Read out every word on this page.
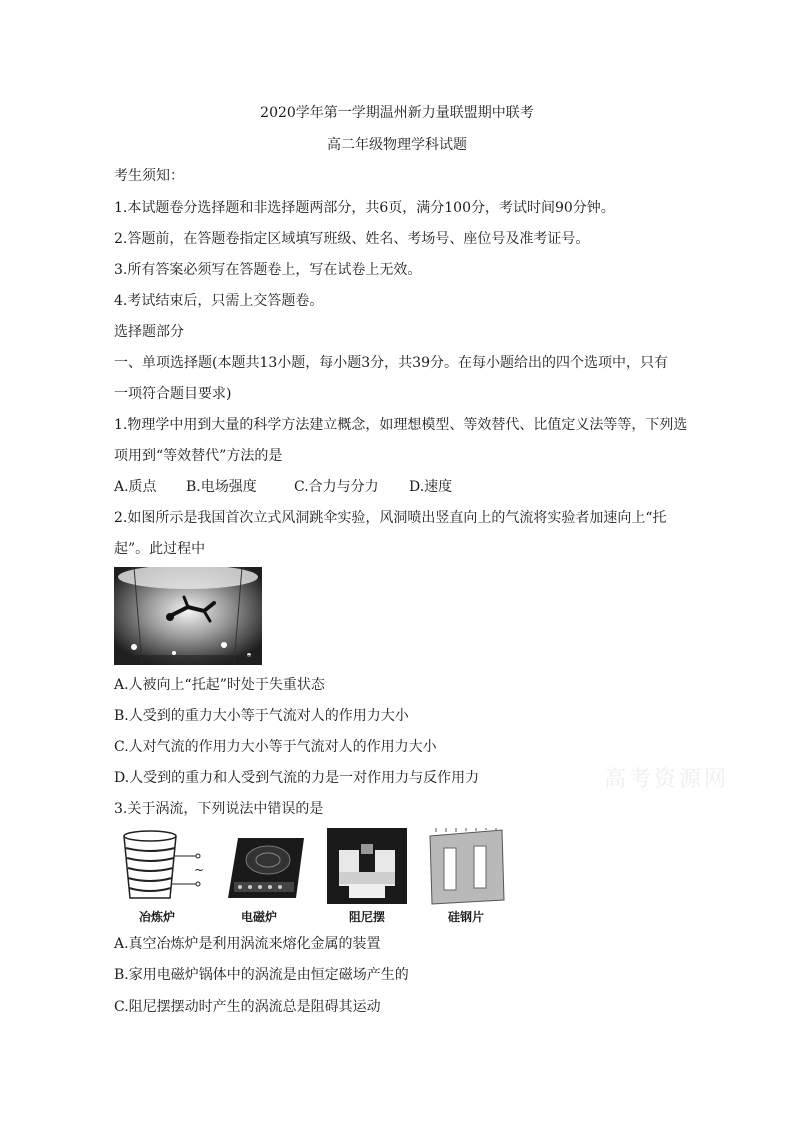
2020学年第一学期温州新力量联盟期中联考
高二年级物理学科试题
考生须知：
1.本试题卷分选择题和非选择题两部分，共6页，满分100分，考试时间90分钟。
2.答题前，在答题卷指定区域填写班级、姓名、考场号、座位号及准考证号。
3.所有答案必须写在答题卷上，写在试卷上无效。
4.考试结束后，只需上交答题卷。
选择题部分
一、单项选择题(本题共13小题，每小题3分，共39分。在每小题给出的四个选项中，只有
一项符合题目要求)
1.物理学中用到大量的科学方法建立概念，如理想模型、等效替代、比值定义法等等，下列选
项用到“等效替代”方法的是
A.质点 B.电场强度	C.合力与分力 D.速度
2.如图所示是我国首次立式风洞跳伞实验，风洞喷出竖直向上的气流将实验者加速向上“托
起”。此过程中
A.人被向上“托起”时处于失重状态
B.人受到的重力大小等于气流对人的作用力大小
C.人对气流的作用力大小等于气流对人的作用力大小
D.人受到的重力和人受到气流的力是一对作用力与反作用力
3.关于涡流，下列说法中错误的是
~
冶炼炉	电磁炉	阻尼摆	硅钢片
A.真空冶炼炉是利用涡流来熔化金属的装置
B.家用电磁炉锅体中的涡流是由恒定磁场产生的
C.阻尼摆摆动时产生的涡流总是阻碍其运动
高考资源网
